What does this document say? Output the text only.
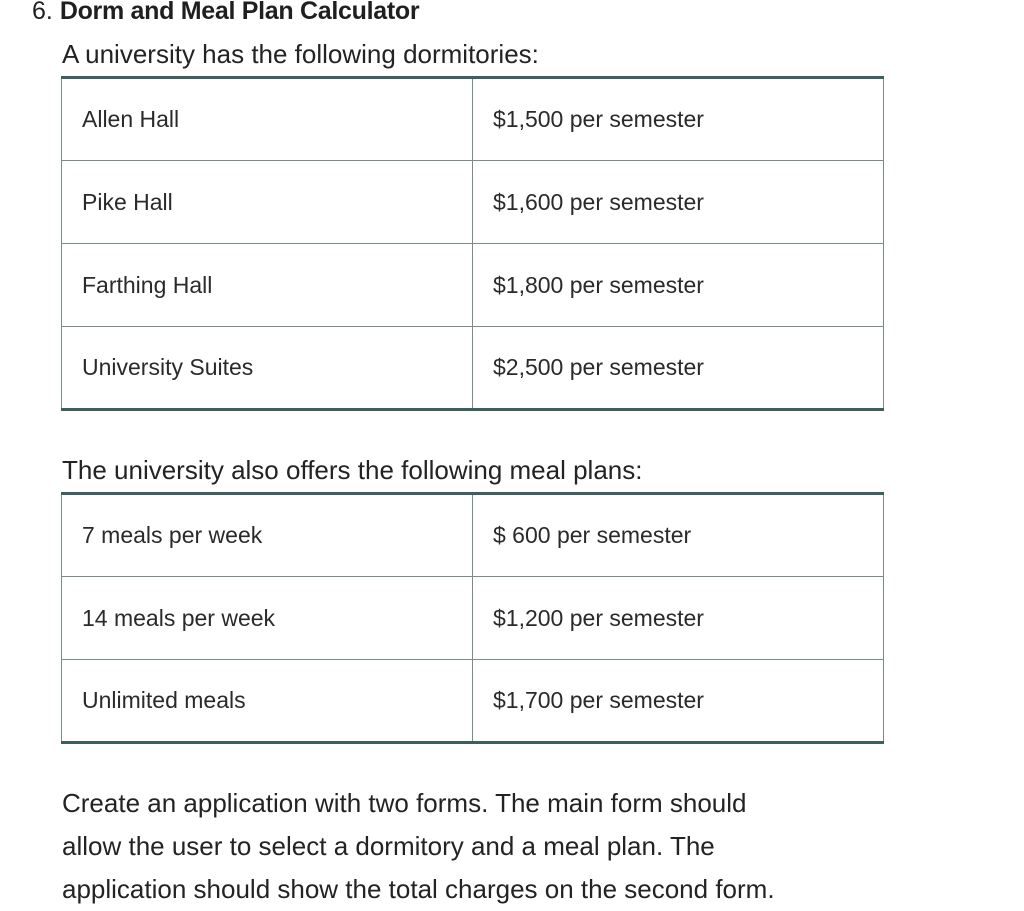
6. Dorm and Meal Plan Calculator
A university has the following dormitories:
Allen Hall	$1,500 per semester
Pike Hall	$1,600 per semester
Farthing Hall	$1,800 per semester
University Suites	$2,500 per semester
The university also offers the following meal plans:
7 meals per week	$ 600 per semester
14 meals per week	$1,200 per semester
Unlimited meals	$1,700 per semester
Create an application with two forms. The main form should
allow the user to select a dormitory and a meal plan. The
application should show the total charges on the second form.
